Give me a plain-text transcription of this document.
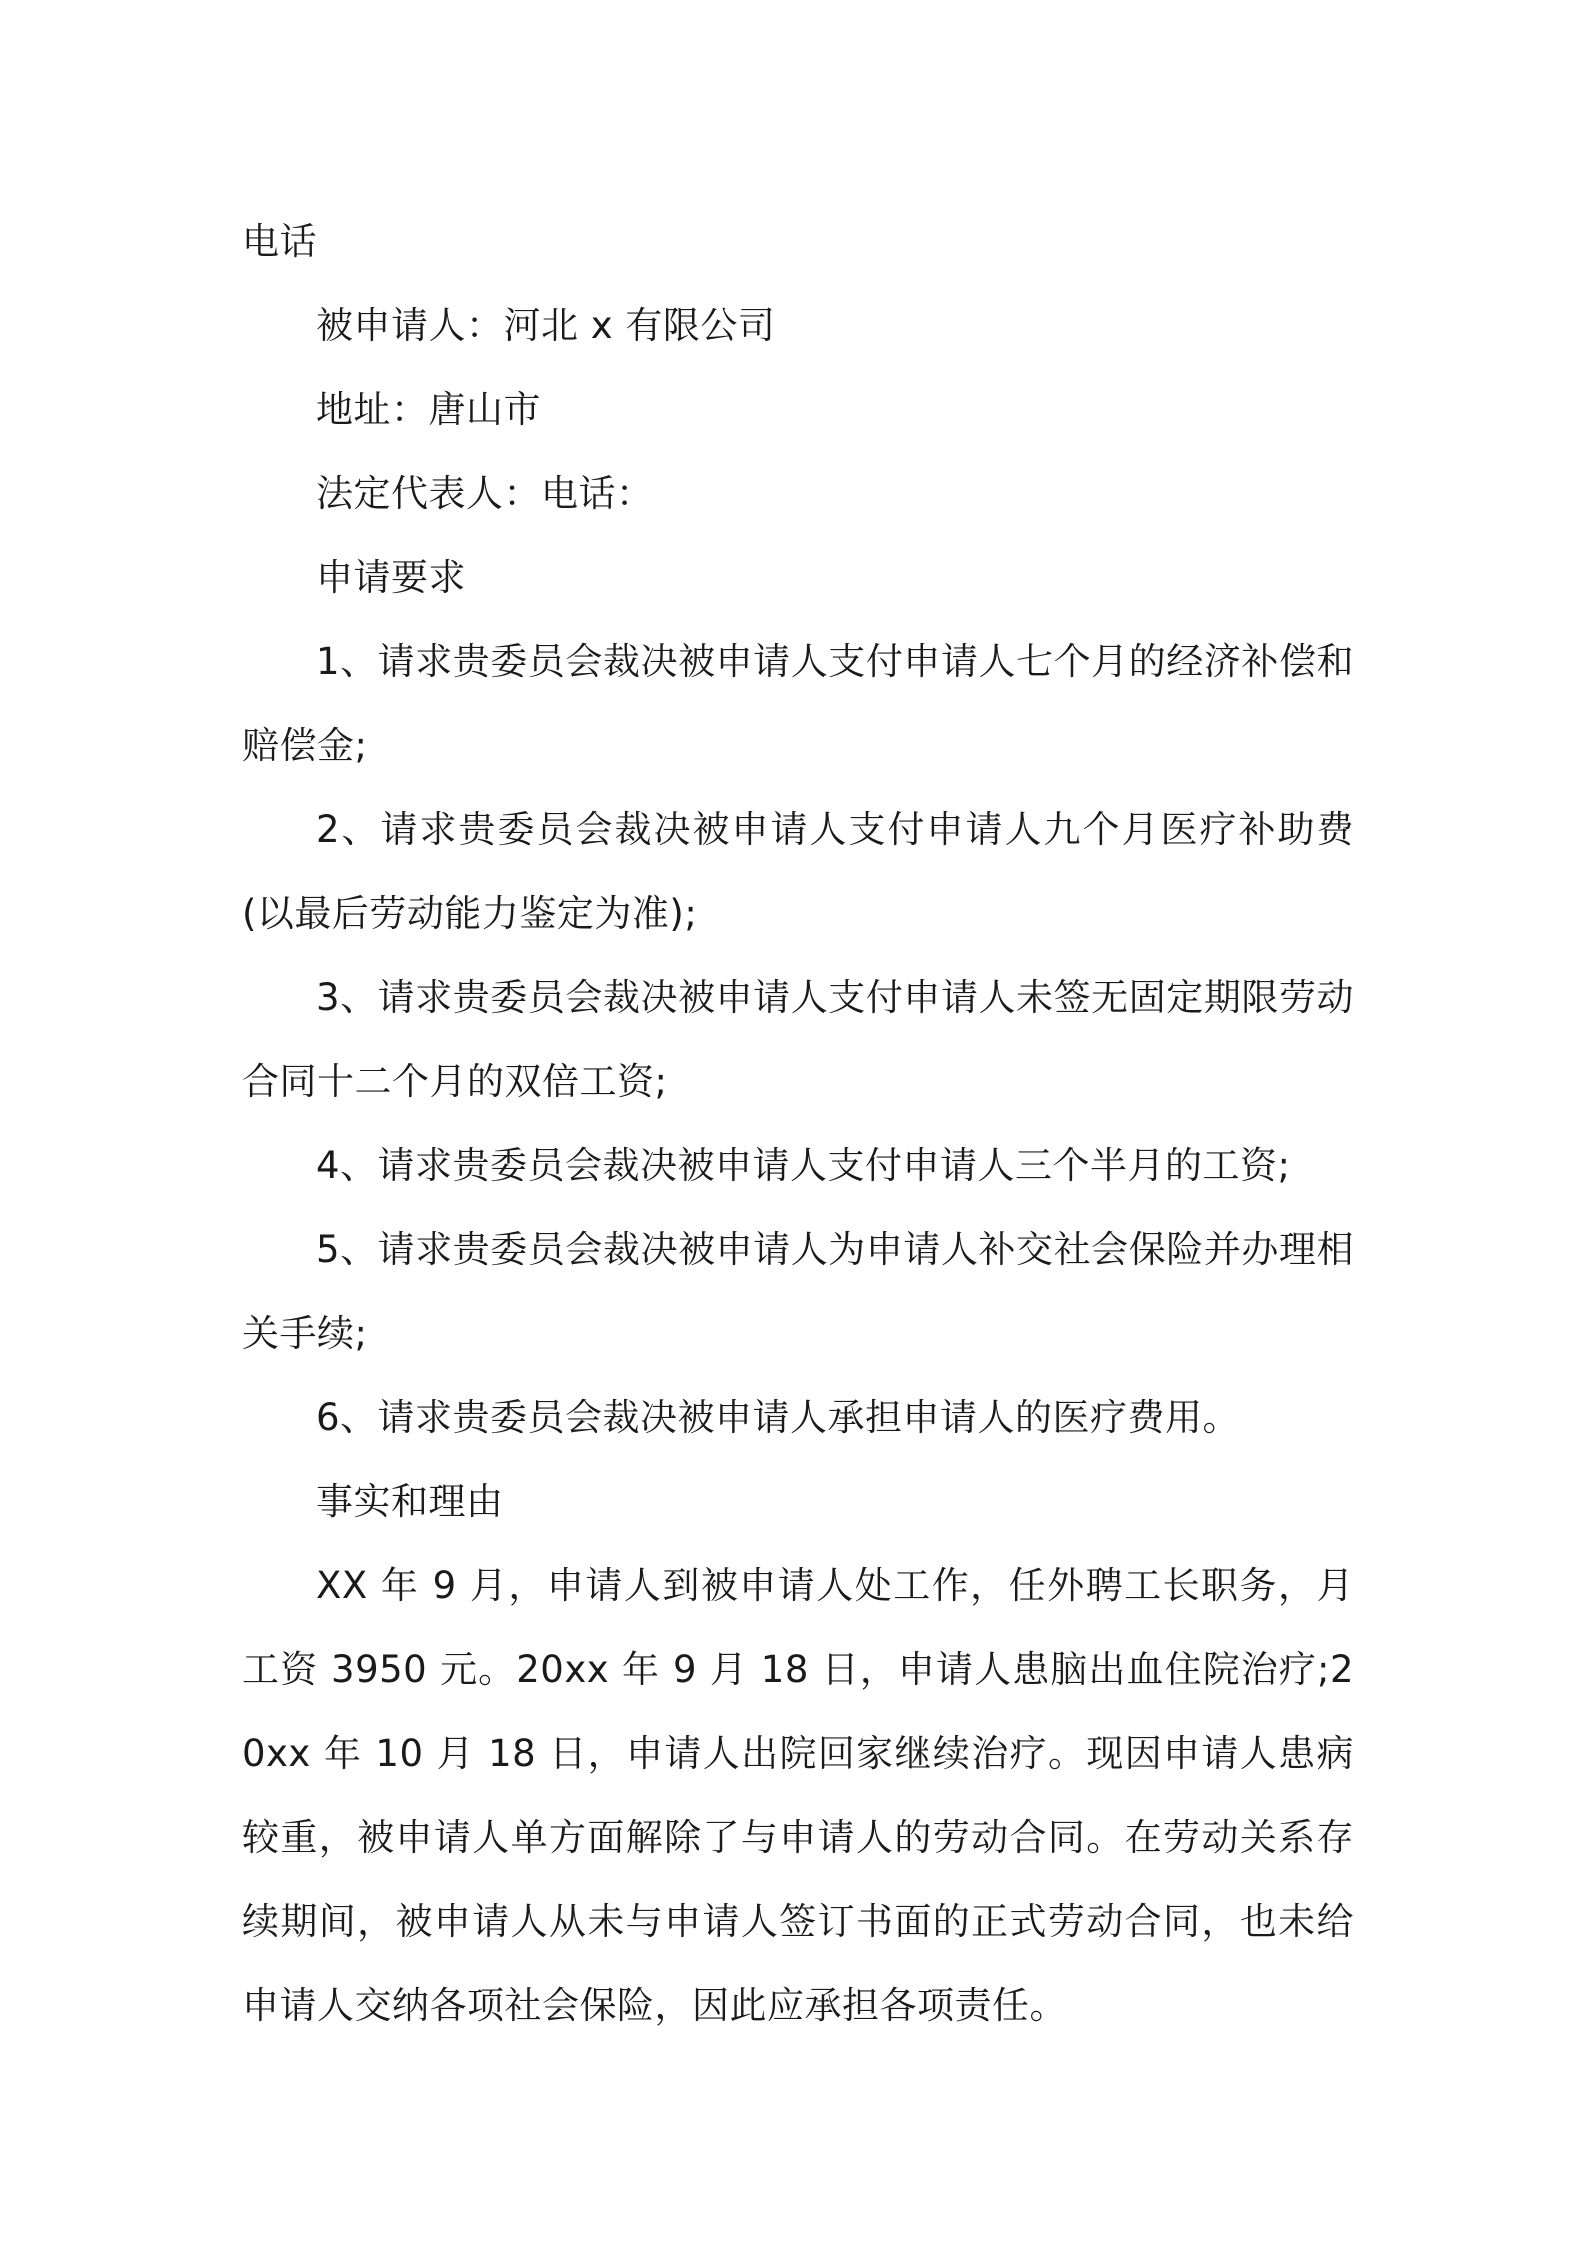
电话

被申请人：河北 x 有限公司

地址：唐山市

法定代表人：电话：

申请要求

1、请求贵委员会裁决被申请人支付申请人七个月的经济补偿和赔偿金;

2、请求贵委员会裁决被申请人支付申请人九个月医疗补助费(以最后劳动能力鉴定为准);

3、请求贵委员会裁决被申请人支付申请人未签无固定期限劳动合同十二个月的双倍工资;

4、请求贵委员会裁决被申请人支付申请人三个半月的工资;

5、请求贵委员会裁决被申请人为申请人补交社会保险并办理相关手续;

6、请求贵委员会裁决被申请人承担申请人的医疗费用。

事实和理由

XX 年 9 月，申请人到被申请人处工作，任外聘工长职务，月工资 3950 元。20xx 年 9 月 18 日，申请人患脑出血住院治疗;20xx 年 10 月 18 日，申请人出院回家继续治疗。现因申请人患病较重，被申请人单方面解除了与申请人的劳动合同。在劳动关系存续期间，被申请人从未与申请人签订书面的正式劳动合同，也未给申请人交纳各项社会保险，因此应承担各项责任。
